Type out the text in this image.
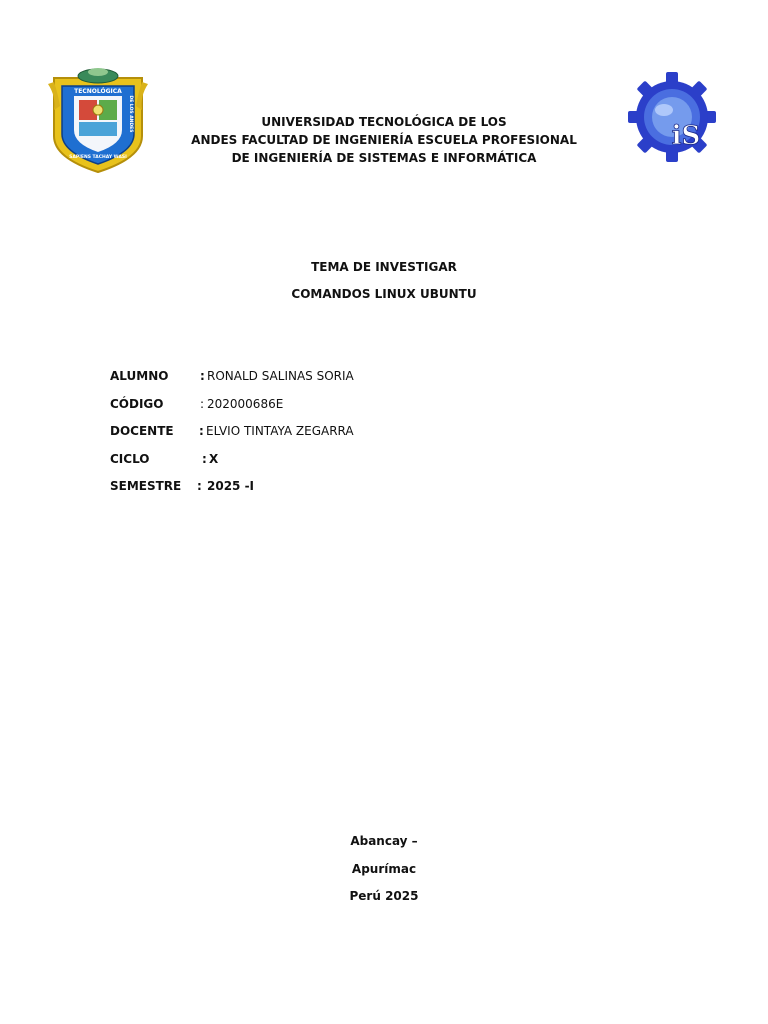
TECNOLÓGICA
DE LOS ANDES
SAPIENS TACHAY WASI
iS
UNIVERSIDAD TECNOLÓGICA DE LOS
ANDES FACULTAD DE INGENIERÍA ESCUELA PROFESIONAL
DE INGENIERÍA DE SISTEMAS E INFORMÁTICA
TEMA DE INVESTIGAR
COMANDOS LINUX UBUNTU
ALUMNO	: RONALD SALINAS SORIA
CÓDIGO	: 202000686E
DOCENTE : ELVIO TINTAYA ZEGARRA
CICLO	: X
SEMESTRE : 2025 -I
Abancay –
Apurímac
Perú 2025
